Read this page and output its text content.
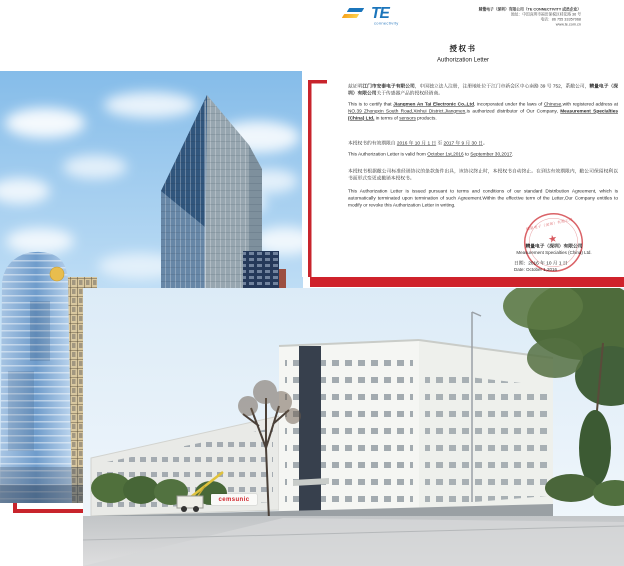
cemsunic
TE
connectivity
精量电子（深圳）有限公司（TE CONNECTIVITY 成员企业）
地址：中国深圳市福田保税区桂花路 36 号
电话：86 755 33357068
www.te.com.cn
授权书
Authorization Letter

兹证明江门市安泰电子有限公司，中国独立法人注册，注册地址位于江门市新会区中心南路 39 号 752，系敝公司，精量电子（深圳）有限公司关于传感器产品的授权经销商。

This is to certify that Jiangmen An Tai Electronic Co.,Ltd, incorporated under the laws of Chinese,with registered address at NO.39 Zhongxin South Road,Xinhui District,Jiangmen,is authorized distributor of Our Company, Measurement Specialties (China) Ltd, in terms of sensors products.

本授权书的有效期限自 2016 年 10 月 1 日 至 2017 年 9 月 30 日。

This Authorization Letter is valid from October 1st,2016 to September 30,2017.

本授权书根据敝公司标准经销协议的条款条件出具，该协议终止时，本授权书自动终止。在到达有效期限内，敝公司保留权利以书面形式变更或撤销本授权书。

This Authorization Letter is issued pursuant to terms and conditions of our standard Distribution Agreement, which is automatically terminated upon termination of such Agreement.Within the effective term of the Letter,Our Company entitles to modify or revoke this Authorization Letter in writing.

精量电子（深圳）有限公司
Measurement Specialties (China) Ltd.
日期：2016 年 10 月 1 日
Date: October 1,2016
精量电子（深圳）有限公司
★
